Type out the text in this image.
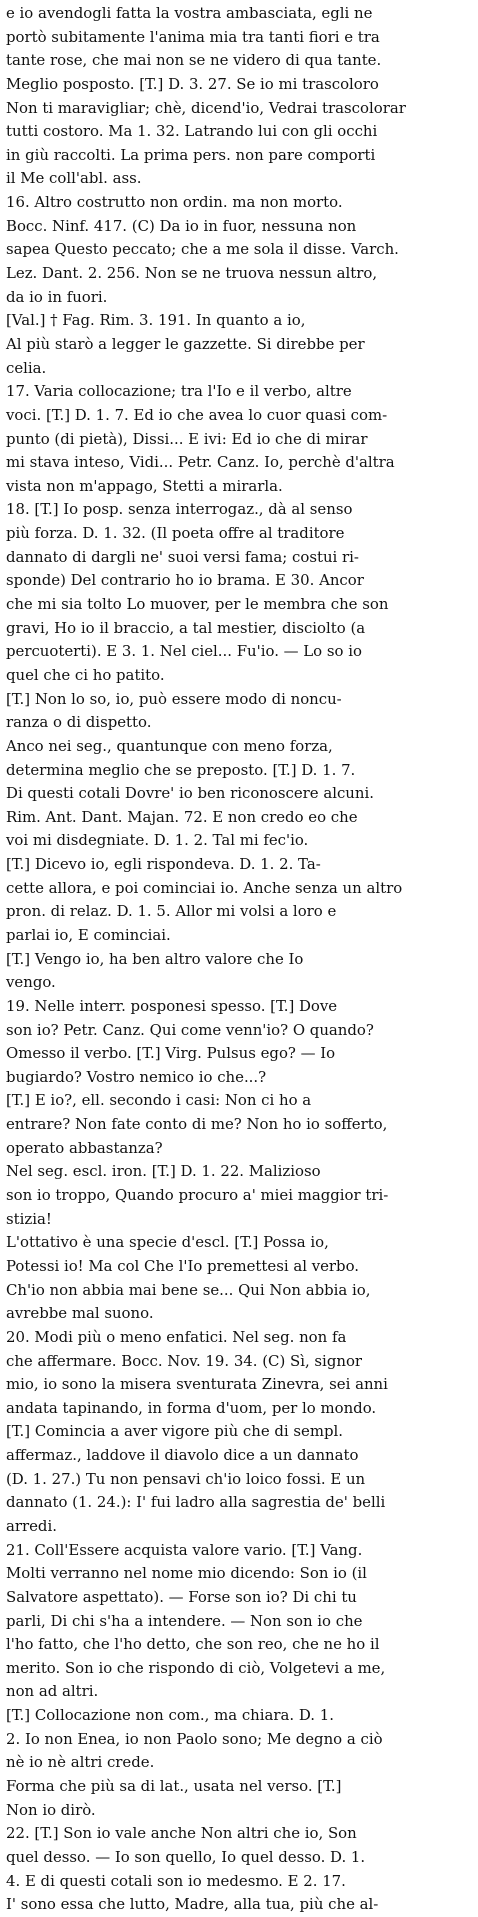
e io avendogli fatta la vostra ambasciata, egli ne
portò subitamente l'anima mia tra tanti fiori e tra
tante rose, che mai non se ne videro di qua tante.
Meglio posposto. [T.] D. 3. 27. Se io mi trascoloro
Non ti maravigliar; chè, dicend'io, Vedrai trascolorar
tutti costoro. Ma 1. 32. Latrando lui con gli occhi
in giù raccolti. La prima pers. non pare comporti
il Me coll'abl. ass.
16. Altro costrutto non ordin. ma non morto.
Bocc. Ninf. 417. (C) Da io in fuor, nessuna non
sapea Questo peccato; che a me sola il disse. Varch.
Lez. Dant. 2. 256. Non se ne truova nessun altro,
da io in fuori.
[Val.] † Fag. Rim. 3. 191. In quanto a io,
Al più starò a legger le gazzette. Si direbbe per
celia.
17. Varia collocazione; tra l'Io e il verbo, altre
voci. [T.] D. 1. 7. Ed io che avea lo cuor quasi com-
punto (di pietà), Dissi... E ivi: Ed io che di mirar
mi stava inteso, Vidi... Petr. Canz. Io, perchè d'altra
vista non m'appago, Stetti a mirarla.
18. [T.] Io posp. senza interrogaz., dà al senso
più forza. D. 1. 32. (Il poeta offre al traditore
dannato di dargli ne' suoi versi fama; costui ri-
sponde) Del contrario ho io brama. E 30. Ancor
che mi sia tolto Lo muover, per le membra che son
gravi, Ho io il braccio, a tal mestier, disciolto (a
percuoterti). E 3. 1. Nel ciel... Fu'io. — Lo so io
quel che ci ho patito.
[T.] Non lo so, io, può essere modo di noncu-
ranza o di dispetto.
Anco nei seg., quantunque con meno forza,
determina meglio che se preposto. [T.] D. 1. 7.
Di questi cotali Dovre' io ben riconoscere alcuni.
Rim. Ant. Dant. Majan. 72. E non credo eo che
voi mi disdegniate. D. 1. 2. Tal mi fec'io.
[T.] Dicevo io, egli rispondeva. D. 1. 2. Ta-
cette allora, e poi cominciai io. Anche senza un altro
pron. di relaz. D. 1. 5. Allor mi volsi a loro e
parlai io, E cominciai.
[T.] Vengo io, ha ben altro valore che Io
vengo.
19. Nelle interr. posponesi spesso. [T.] Dove
son io? Petr. Canz. Qui come venn'io? O quando?
Omesso il verbo. [T.] Virg. Pulsus ego? — Io
bugiardo? Vostro nemico io che...?
[T.] E io?, ell. secondo i casi: Non ci ho a
entrare? Non fate conto di me? Non ho io sofferto,
operato abbastanza?
Nel seg. escl. iron. [T.] D. 1. 22. Malizioso
son io troppo, Quando procuro a' miei maggior tri-
stizia!
L'ottativo è una specie d'escl. [T.] Possa io,
Potessi io! Ma col Che l'Io premettesi al verbo.
Ch'io non abbia mai bene se... Qui Non abbia io,
avrebbe mal suono.
20. Modi più o meno enfatici. Nel seg. non fa
che affermare. Bocc. Nov. 19. 34. (C) Sì, signor
mio, io sono la misera sventurata Zinevra, sei anni
andata tapinando, in forma d'uom, per lo mondo.
[T.] Comincia a aver vigore più che di sempl.
affermaz., laddove il diavolo dice a un dannato
(D. 1. 27.) Tu non pensavi ch'io loico fossi. E un
dannato (1. 24.): I' fui ladro alla sagrestia de' belli
arredi.
21. Coll'Essere acquista valore vario. [T.] Vang.
Molti verranno nel nome mio dicendo: Son io (il
Salvatore aspettato). — Forse son io? Di chi tu
parli, Di chi s'ha a intendere. — Non son io che
l'ho fatto, che l'ho detto, che son reo, che ne ho il
merito. Son io che rispondo di ciò, Volgetevi a me,
non ad altri.
[T.] Collocazione non com., ma chiara. D. 1.
2. Io non Enea, io non Paolo sono; Me degno a ciò
nè io nè altri crede.
Forma che più sa di lat., usata nel verso. [T.]
Non io dirò.
22. [T.] Son io vale anche Non altri che io, Son
quel desso. — Io son quello, Io quel desso. D. 1.
4. E di questi cotali son io medesmo. E 2. 17.
I' sono essa che lutto, Madre, alla tua, più che al-
